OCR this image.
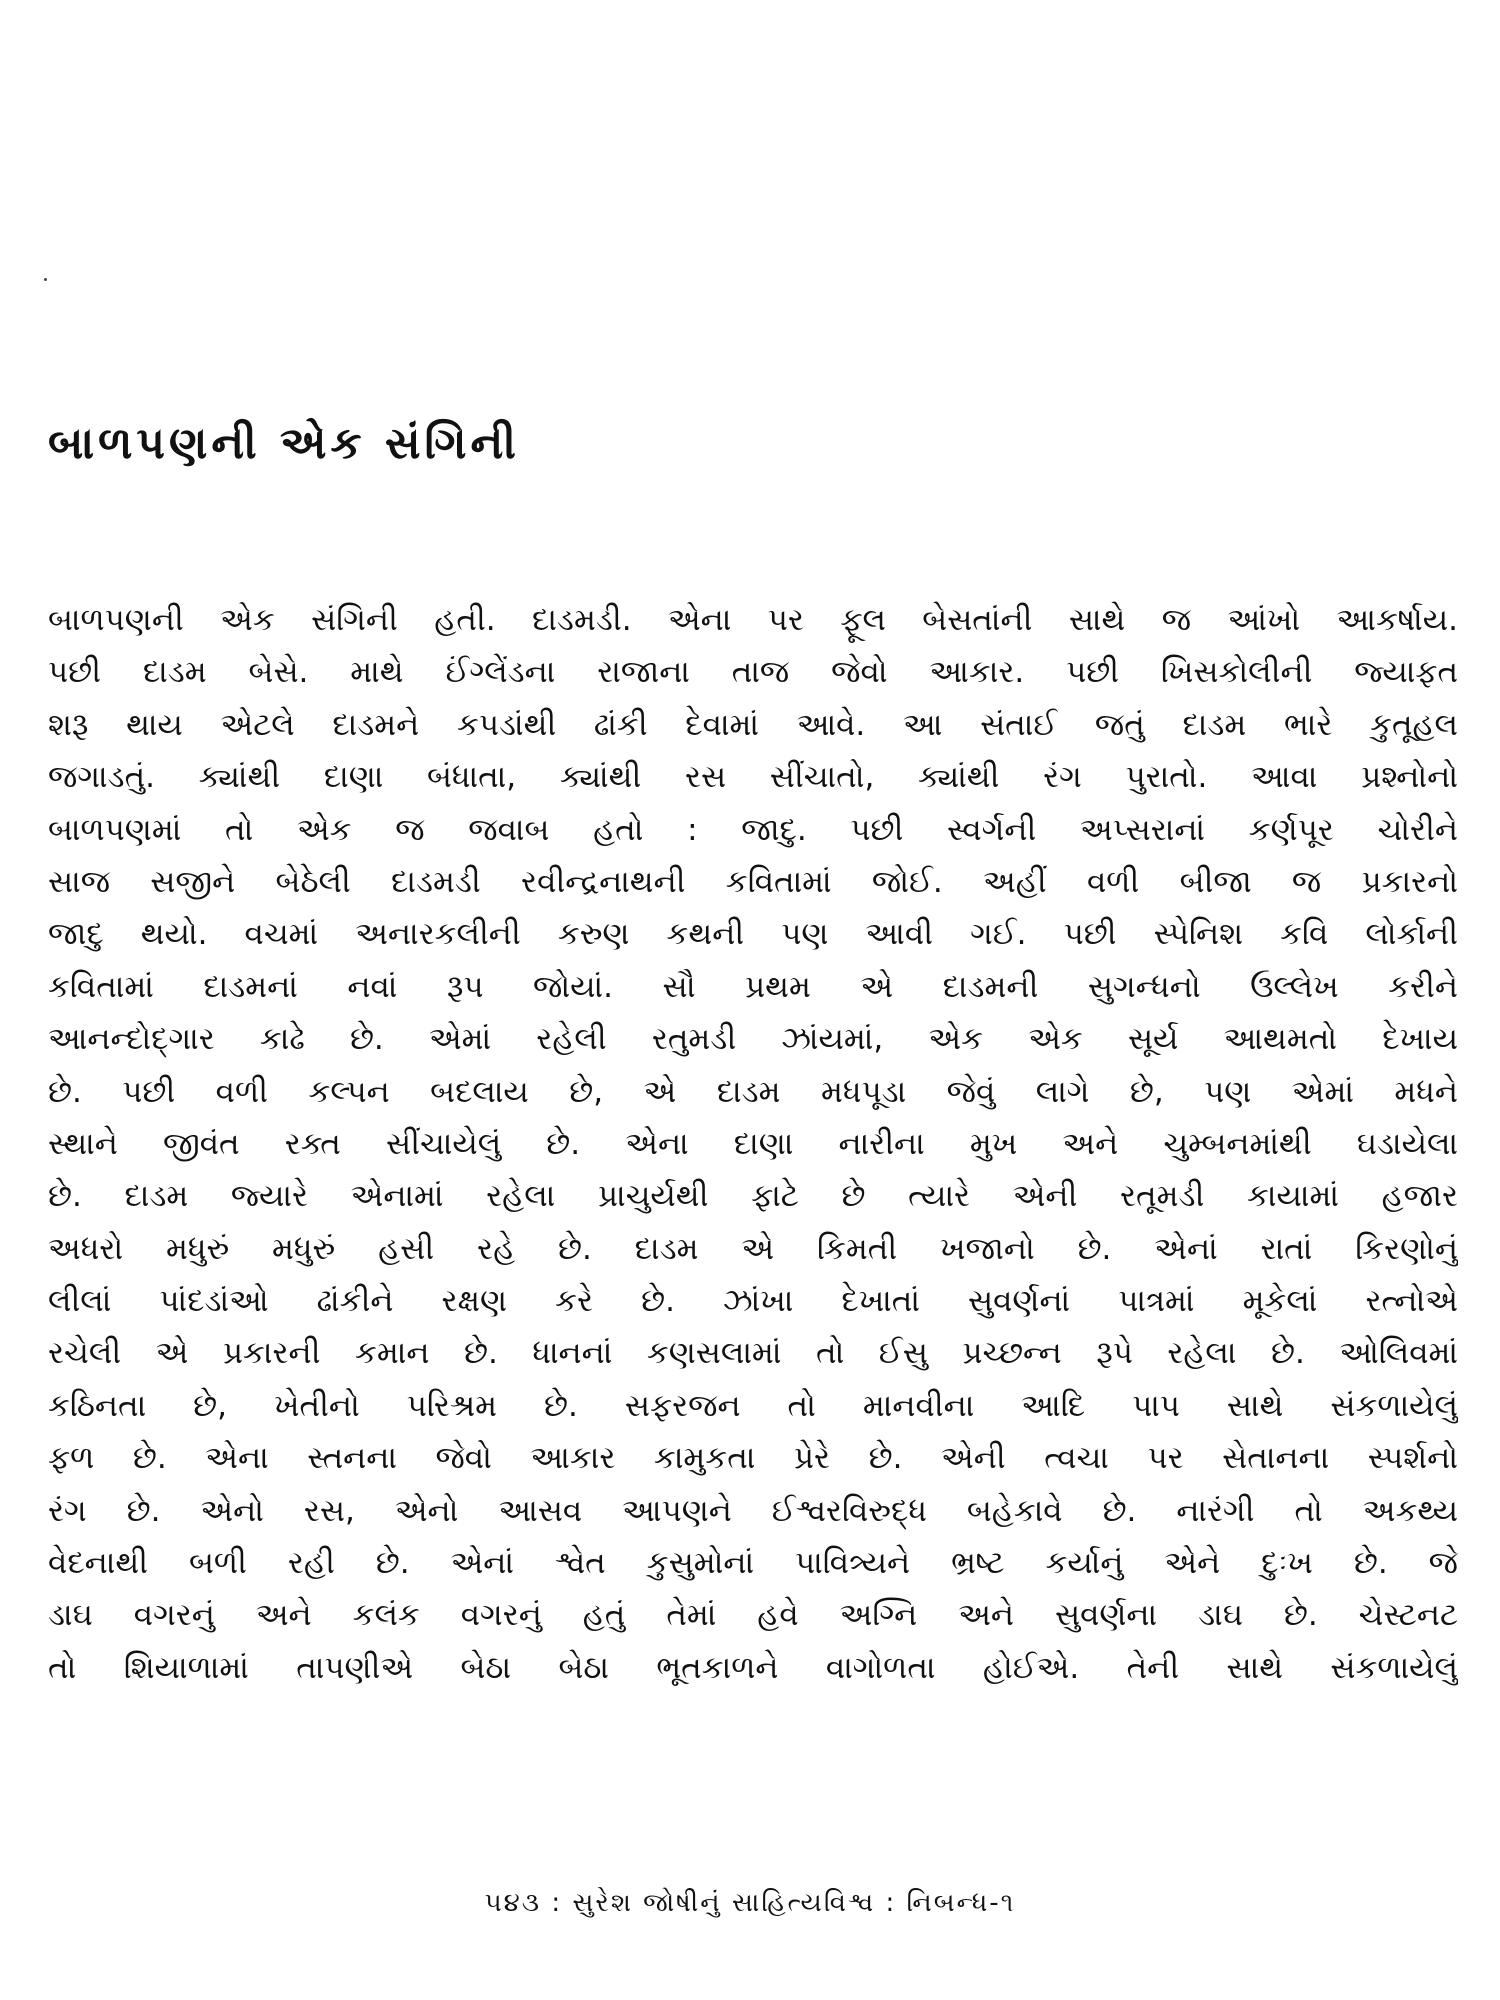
બાળપણની એક સંગિની
બાળપણની એક સંગિની હતી. દાડમડી. એના પર ફૂલ બેસતાંની સાથે જ આંખો આકર્ષાય.
પછી દાડમ બેસે. માથે ઈંગ્લેંડના રાજાના તાજ જેવો આકાર. પછી ખિસકોલીની જ્યાફત
શરૂ થાય એટલે દાડમને કપડાંથી ઢાંકી દેવામાં આવે. આ સંતાઈ જતું દાડમ ભારે કુતૂહલ
જગાડતું. ક્યાંથી દાણા બંધાતા, ક્યાંથી રસ સીંચાતો, ક્યાંથી રંગ પુરાતો. આવા પ્રશ્નોનો
બાળપણમાં તો એક જ જવાબ હતો : જાદુ. પછી સ્વર્ગની અપ્સરાનાં કર્ણપૂર ચોરીને
સાજ સજીને બેઠેલી દાડમડી રવીન્દ્રનાથની કવિતામાં જોઈ. અહીં વળી બીજા જ પ્રકારનો
જાદુ થયો. વચમાં અનારકલીની કરુણ કથની પણ આવી ગઈ. પછી સ્પેનિશ કવિ લોર્કાની
કવિતામાં દાડમનાં નવાં રૂપ જોયાં. સૌ પ્રથમ એ દાડમની સુગન્ધનો ઉલ્લેખ કરીને
આનન્દોદ્ગાર કાઢે છે. એમાં રહેલી રતુમડી ઝાંયમાં, એક એક સૂર્ય આથમતો દેખાય
છે. પછી વળી કલ્પન બદલાય છે, એ દાડમ મધપૂડા જેવું લાગે છે, પણ એમાં મધને
સ્થાને જીવંત રક્ત સીંચાયેલું છે. એના દાણા નારીના મુખ અને ચુમ્બનમાંથી ઘડાયેલા
છે. દાડમ જ્યારે એનામાં રહેલા પ્રાચુર્યથી ફાટે છે ત્યારે એની રતૂમડી કાયામાં હજાર
અધરો મધુરું મધુરું હસી રહે છે. દાડમ એ કિમતી ખજાનો છે. એનાં રાતાં કિરણોનું
લીલાં પાંદડાંઓ ઢાંકીને રક્ષણ કરે છે. ઝાંખા દેખાતાં સુવર્ણનાં પાત્રમાં મૂકેલાં રત્નોએ
રચેલી એ પ્રકારની કમાન છે. ધાનનાં કણસલામાં તો ઈસુ પ્રચ્છન્ન રૂપે રહેલા છે. ઓલિવમાં
કઠિનતા છે, ખેતીનો પરિશ્રમ છે. સફરજન તો માનવીના આદિ પાપ સાથે સંકળાયેલું
ફળ છે. એના સ્તનના જેવો આકાર કામુકતા પ્રેરે છે. એની ત્વચા પર સેતાનના સ્પર્શનો
રંગ છે. એનો રસ, એનો આસવ આપણને ઈશ્વરવિરુદ્ધ બહેકાવે છે. નારંગી તો અકથ્ય
વેદનાથી બળી રહી છે. એનાં શ્વેત કુસુમોનાં પાવિત્ર્યને ભ્રષ્ટ કર્યાનું એને દુઃખ છે. જે
ડાઘ વગરનું અને કલંક વગરનું હતું તેમાં હવે અગ્નિ અને સુવર્ણના ડાઘ છે. ચેસ્ટનટ
તો શિયાળામાં તાપણીએ બેઠા બેઠા ભૂતકાળને વાગોળતા હોઈએ. તેની સાથે સંકળાયેલું
૫૪૩ : સુરેશ જોષીનું સાહિત્યવિશ્વ : નિબન્ધ-૧
